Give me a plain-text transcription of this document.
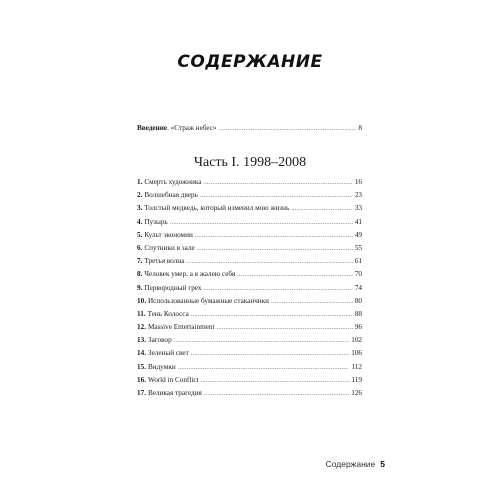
СОДЕРЖАНИЕ
Введение . «Страж небес» . . .	8
Часть I. 1998–2008
1. Смерть художника . . .	16
2. Волшебная дверь . . .	23
3. Толстый медведь, который изменил мою жизнь . . .	33
4. Пузырь . . .	41
5. Культ экономии . . .	49
6. Спутники в зале . . .	55
7. Третья волна . . .	61
8. Человек умер, а я жалею себя . . .	70
9. Первородный грех . . .	74
10. Использованные бумажные стаканчики . . .	80
11. Тень Колосса . . .	88
12. Massive Entertainment . . .	96
13. Заговор . . .	102
14. Зеленый свет . . .	106
15. Видумки . . .	112
16. World in Conflict . . .	119
17. Великая трагедия . . .	126
Содержание 5
